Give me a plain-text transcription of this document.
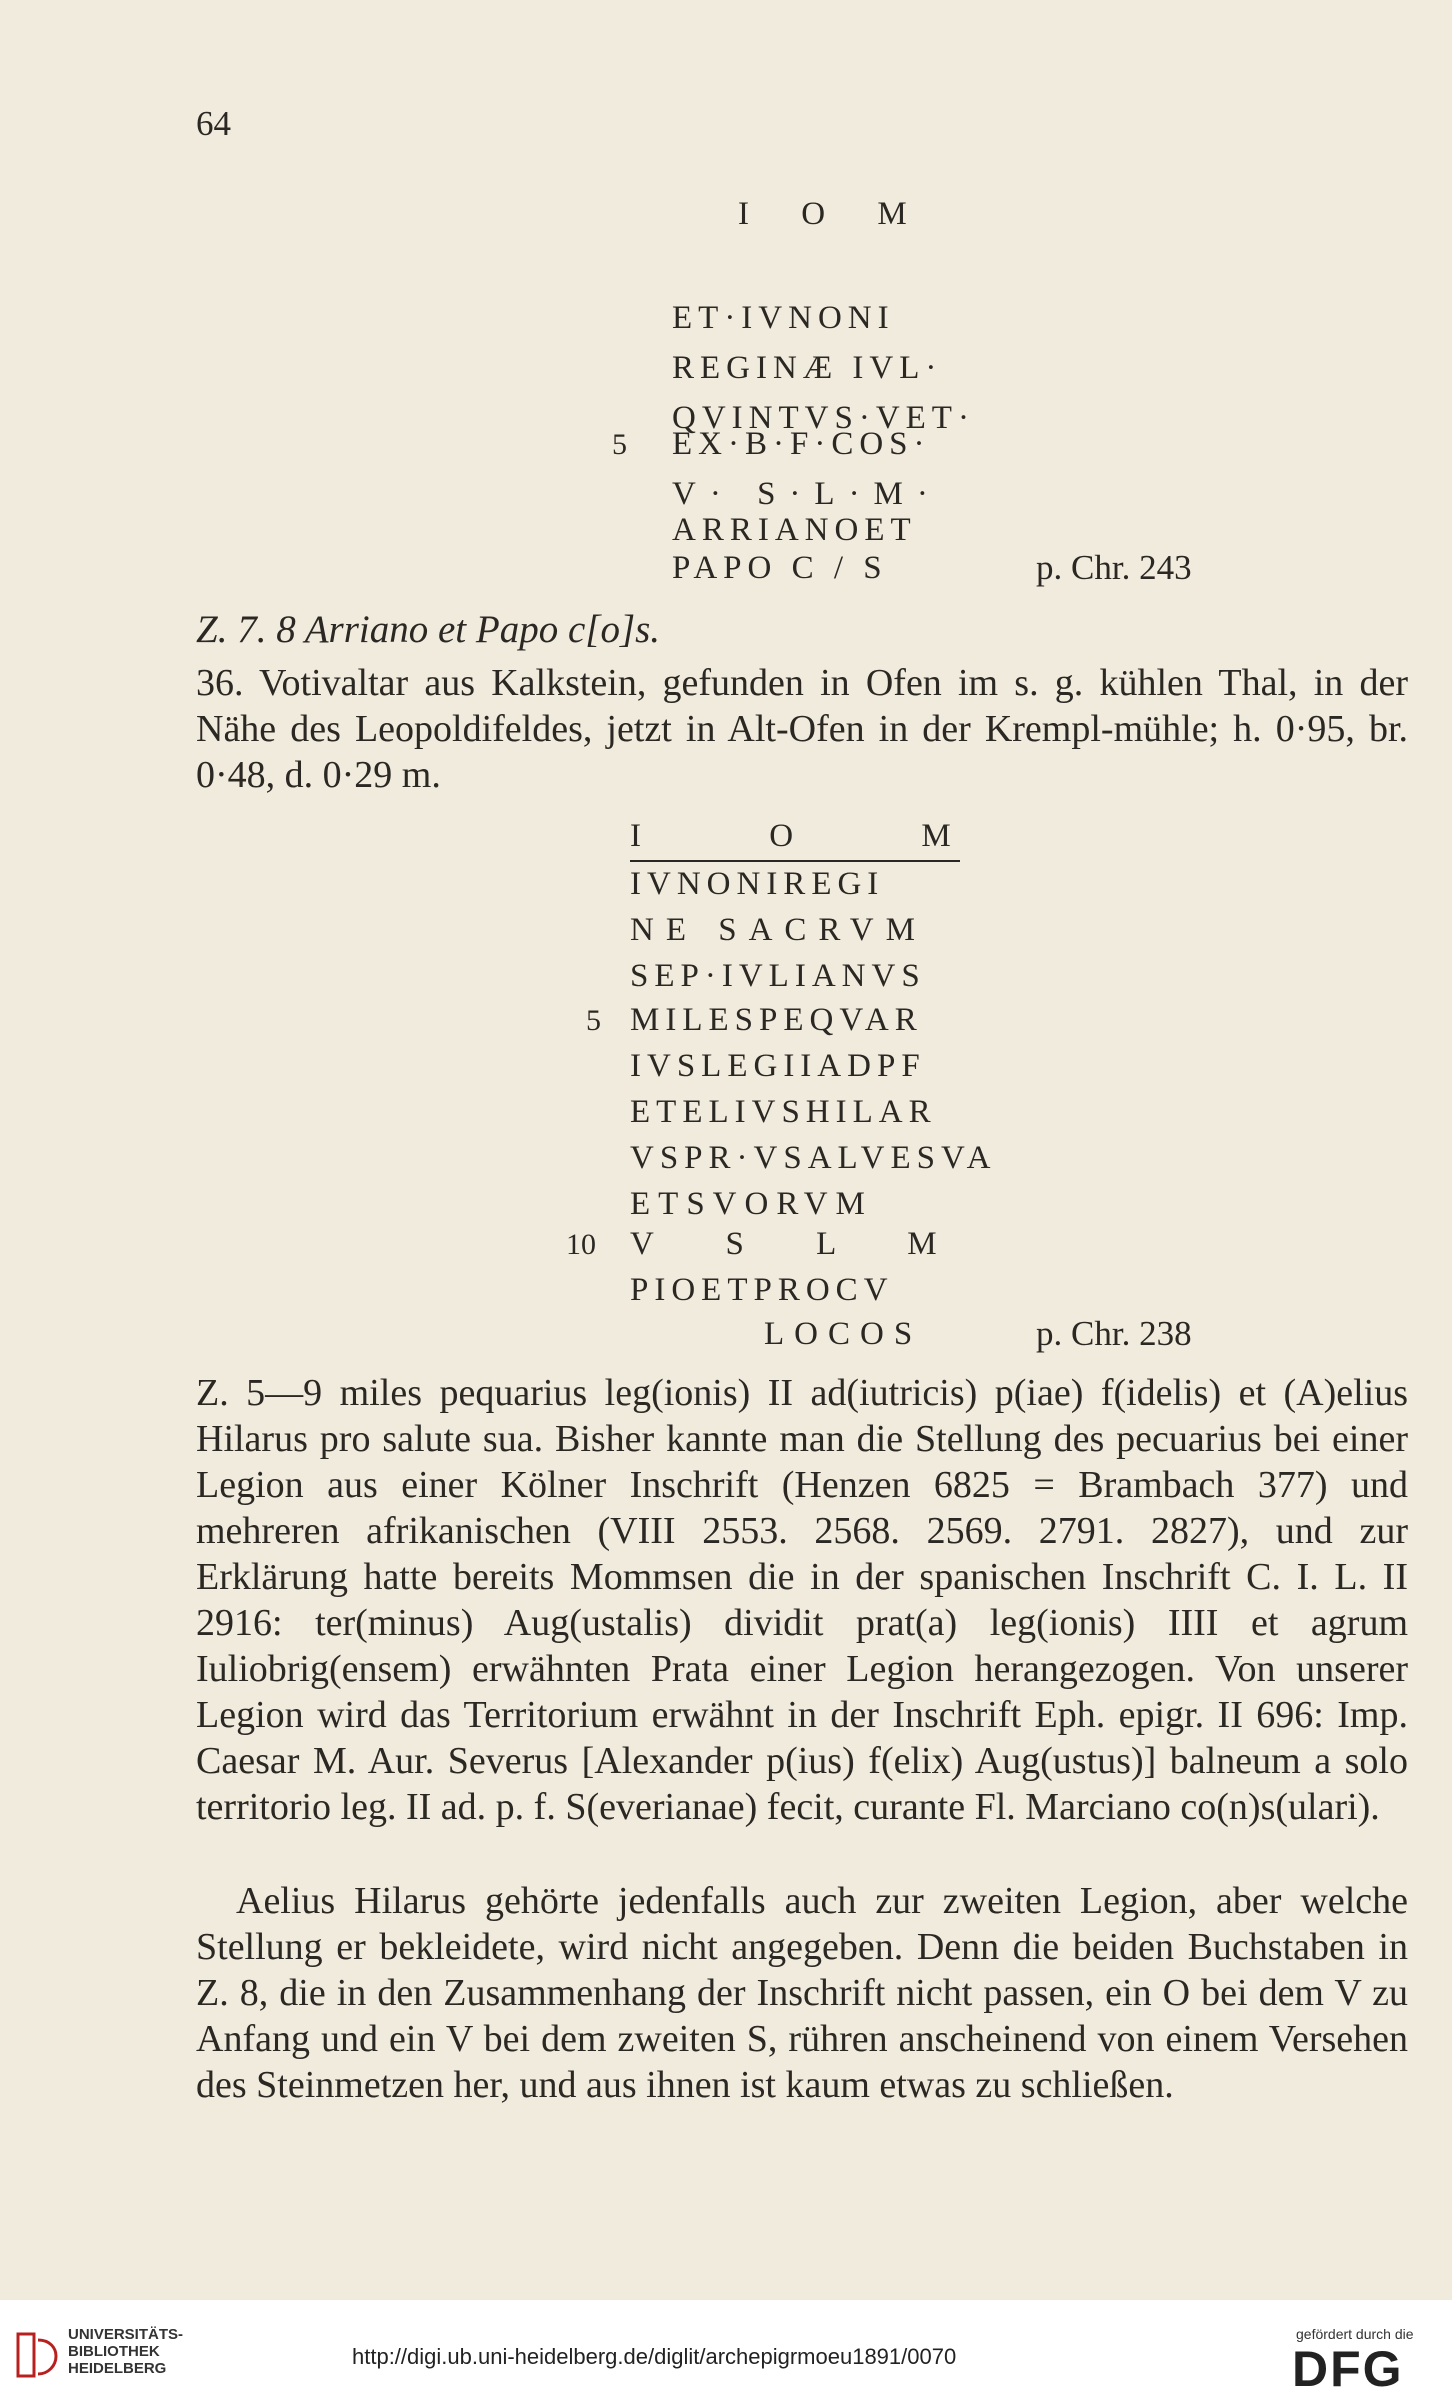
64
I O M
ET·IVNONI
REGINÆ IVL·
QVINTVS·VET·
5 EX·B·F·COS·
V· S·L·M·
ARRIANOET
PAPO C / S	p. Chr. 243
Z. 7. 8 Arriano et Papo c[o]s.
36. Votivaltar aus Kalkstein, gefunden in Ofen im s. g. kühlen Thal, in der Nähe des Leopoldifeldes, jetzt in Alt-Ofen in der Krempl-mühle; h. 0·95, br. 0·48, d. 0·29 m.
I O M
IVNONIREGI
NE SACRVM
SEP·IVLIANVS
5 MILESPEQVAR
IVSLEGIIADPF
ETELIVSHILAR
VSPR·VSALVESVA
ETSVORVM
10 V S L M
PIOETPROCV
LOCOS	p. Chr. 238
Z. 5—9 miles pequarius leg(ionis) II ad(iutricis) p(iae) f(idelis) et (A)elius Hilarus pro salute sua. Bisher kannte man die Stellung des pecuarius bei einer Legion aus einer Kölner Inschrift (Henzen 6825 = Brambach 377) und mehreren afrikanischen (VIII 2553. 2568. 2569. 2791. 2827), und zur Erklärung hatte bereits Mommsen die in der spanischen Inschrift C. I. L. II 2916: ter(minus) Aug(ustalis) dividit prat(a) leg(ionis) IIII et agrum Iuliobrig(ensem) erwähnten Prata einer Legion herangezogen. Von unserer Legion wird das Territorium erwähnt in der Inschrift Eph. epigr. II 696: Imp. Caesar M. Aur. Severus [Alexander p(ius) f(elix) Aug(ustus)] balneum a solo territorio leg. II ad. p. f. S(everianae) fecit, curante Fl. Marciano co(n)s(ulari).
Aelius Hilarus gehörte jedenfalls auch zur zweiten Legion, aber welche Stellung er bekleidete, wird nicht angegeben. Denn die beiden Buchstaben in Z. 8, die in den Zusammenhang der Inschrift nicht passen, ein O bei dem V zu Anfang und ein V bei dem zweiten S, rühren anscheinend von einem Versehen des Steinmetzen her, und aus ihnen ist kaum etwas zu schließen.
UNIVERSITÄTS-
BIBLIOTHEK
HEIDELBERG	http://digi.ub.uni-heidelberg.de/diglit/archepigrmoeu1891/0070
gefördert durch die
DFG
